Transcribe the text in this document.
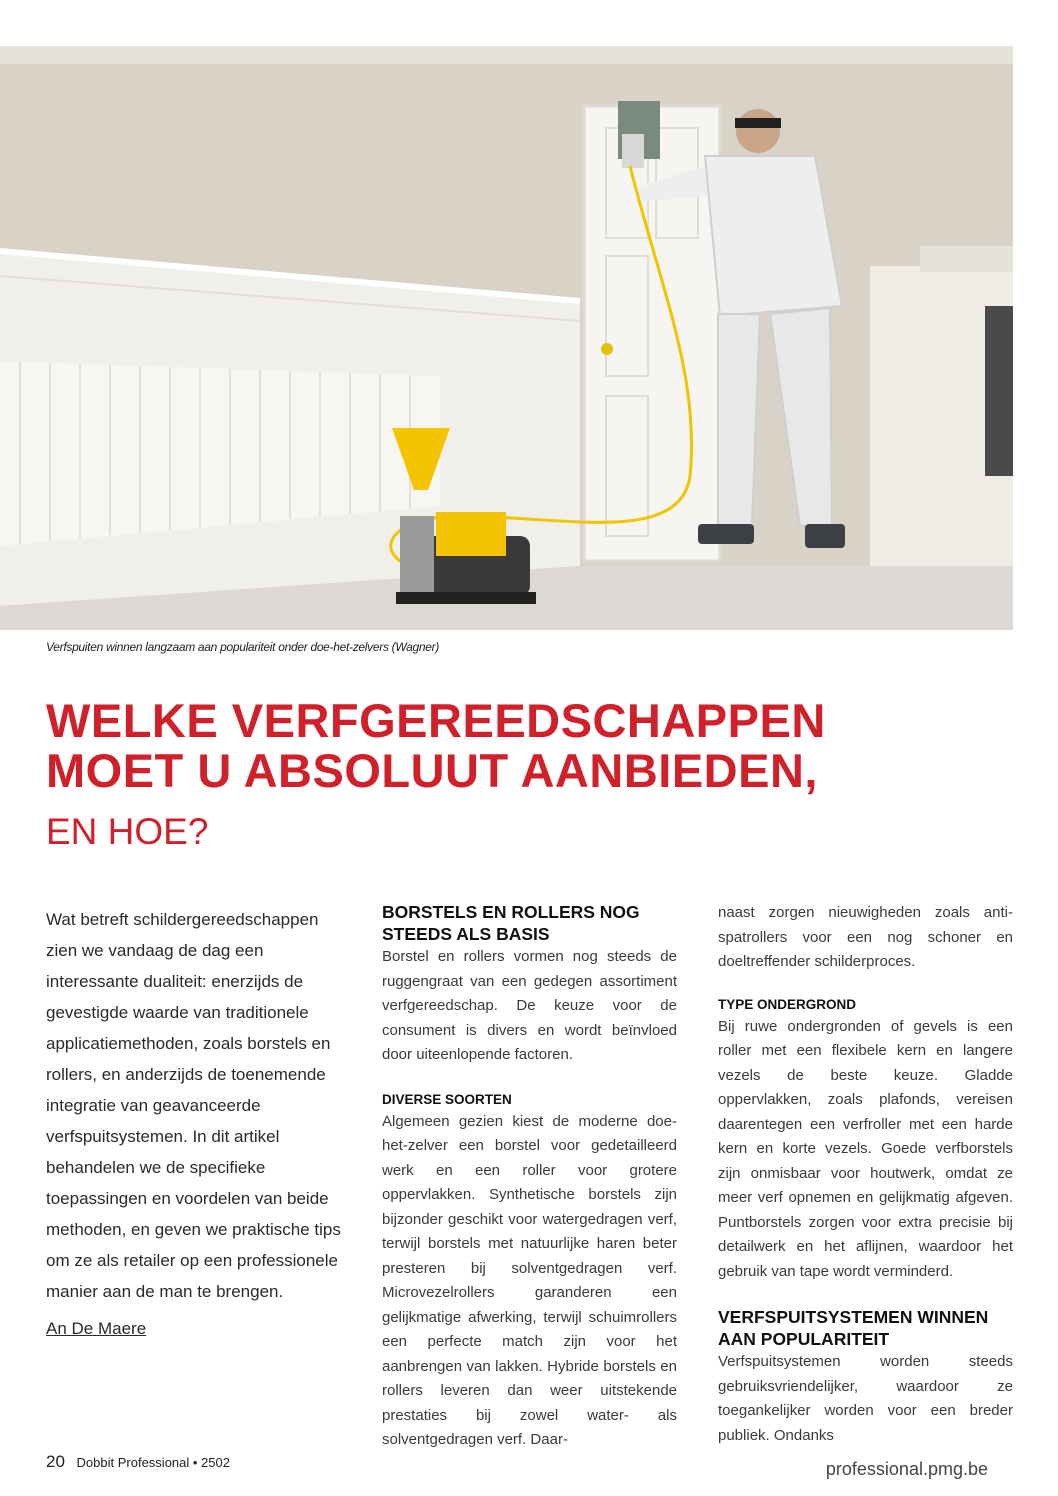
Verfspuiten winnen langzaam aan populariteit onder doe-het-zelvers (Wagner)
WELKE VERFGEREEDSCHAPPEN
MOET U ABSOLUUT AANBIEDEN,
EN HOE?
Wat betreft schildergereedschappen zien we vandaag de dag een interessante dualiteit: enerzijds de gevestigde waarde van traditionele applicatiemethoden, zoals borstels en rollers, en anderzijds de toenemende integratie van geavanceerde verfspuitsystemen. In dit artikel behandelen we de specifieke toepassingen en voordelen van beide methoden, en geven we praktische tips om ze als retailer op een professionele manier aan de man te brengen.
An De Maere
BORSTELS EN ROLLERS NOG STEEDS ALS BASIS
Borstel en rollers vormen nog steeds de ruggengraat van een gedegen assortiment verfgereedschap. De keuze voor de consument is divers en wordt beïnvloed door uiteenlopende factoren.
DIVERSE SOORTEN
Algemeen gezien kiest de moderne doe-het-zelver een borstel voor gedetailleerd werk en een roller voor grotere oppervlakken. Synthetische borstels zijn bijzonder geschikt voor watergedragen verf, terwijl borstels met natuurlijke haren beter presteren bij solventgedragen verf. Microvezelrollers garanderen een gelijkmatige afwerking, terwijl schuimrollers een perfecte match zijn voor het aanbrengen van lakken. Hybride borstels en rollers leveren dan weer uitstekende prestaties bij zowel water- als solventgedragen verf. Daar-
naast zorgen nieuwigheden zoals anti-spatrollers voor een nog schoner en doeltreffender schilderproces.
TYPE ONDERGROND
Bij ruwe ondergronden of gevels is een roller met een flexibele kern en langere vezels de beste keuze. Gladde oppervlakken, zoals plafonds, vereisen daarentegen een verfroller met een harde kern en korte vezels. Goede verfborstels zijn onmisbaar voor houtwerk, omdat ze meer verf opnemen en gelijkmatig afgeven. Puntborstels zorgen voor extra precisie bij detailwerk en het aflijnen, waardoor het gebruik van tape wordt verminderd.
VERFSPUITSYSTEMEN WINNEN AAN POPULARITEIT
Verfspuitsystemen worden steeds gebruiksvriendelijker, waardoor ze toegankelijker worden voor een breder publiek. Ondanks
20 Dobbit Professional • 2502	professional.pmg.be
